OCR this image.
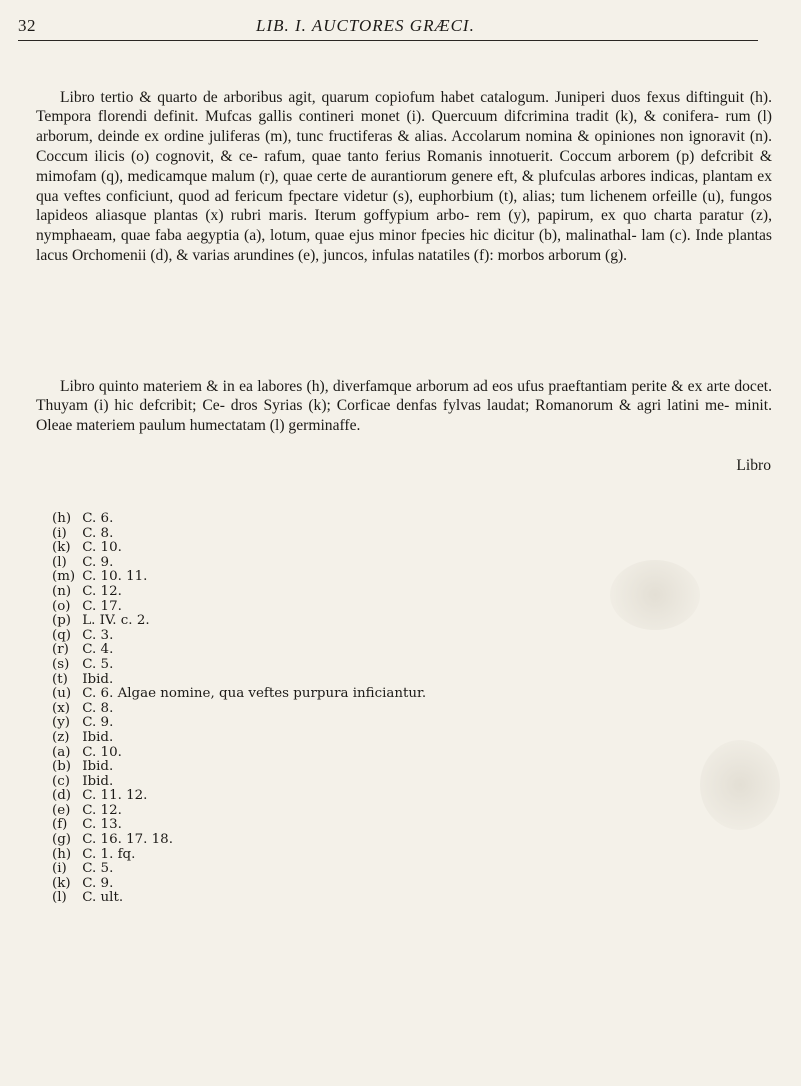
32	LIB. I. AUCTORES GRÆCI.

Libro tertio & quarto de arboribus agit, quarum copiofum habet catalogum. Juniperi duos fexus diftinguit (h). Tempora florendi definit. Mufcas gallis contineri monet (i). Quercuum difcrimina tradit (k), & conifera- rum (l) arborum, deinde ex ordine juliferas (m), tunc fructiferas & alias. Accolarum nomina & opiniones non ignoravit (n). Coccum ilicis (o) cognovit, & ce- rafum, quae tanto ferius Romanis innotuerit. Coccum arborem (p) defcribit & mimofam (q), medicamque malum (r), quae certe de aurantiorum genere eft, & plufculas arbores indicas, plantam ex qua veftes conficiunt, quod ad fericum fpectare videtur (s), euphorbium (t), alias; tum lichenem orfeille (u), fungos lapideos aliasque plantas (x) rubri maris. Iterum goffypium arbo- rem (y), papirum, ex quo charta paratur (z), nymphaeam, quae faba aegyptia (a), lotum, quae ejus minor fpecies hic dicitur (b), malinathal- lam (c). Inde plantas lacus Orchomenii (d), & varias arundines (e), juncos, infulas natatiles (f): morbos arborum (g).

Libro quinto materiem & in ea labores (h), diverfamque arborum ad eos ufus praeftantiam perite & ex arte docet. Thuyam (i) hic defcribit; Ce- dros Syrias (k); Corficae denfas fylvas laudat; Romanorum & agri latini me- minit. Oleae materiem paulum humectatam (l) germinaffe.

Libro
(h) C. 6.
(i) C. 8.
(k) C. 10.
(l) C. 9.
(m) C. 10. 11.
(n) C. 12.
(o) C. 17.
(p) L. IV. c. 2.
(q) C. 3.
(r) C. 4.
(s) C. 5.
(t) Ibid.
(u) C. 6. Algae nomine, qua veftes purpura inficiantur.
(x) C. 8.
(y) C. 9.
(z) Ibid.
(a) C. 10.
(b) Ibid.
(c) Ibid.
(d) C. 11. 12.
(e) C. 12.
(f) C. 13.
(g) C. 16. 17. 18.
(h) C. 1. fq.
(i) C. 5.
(k) C. 9.
(l) C. ult.
